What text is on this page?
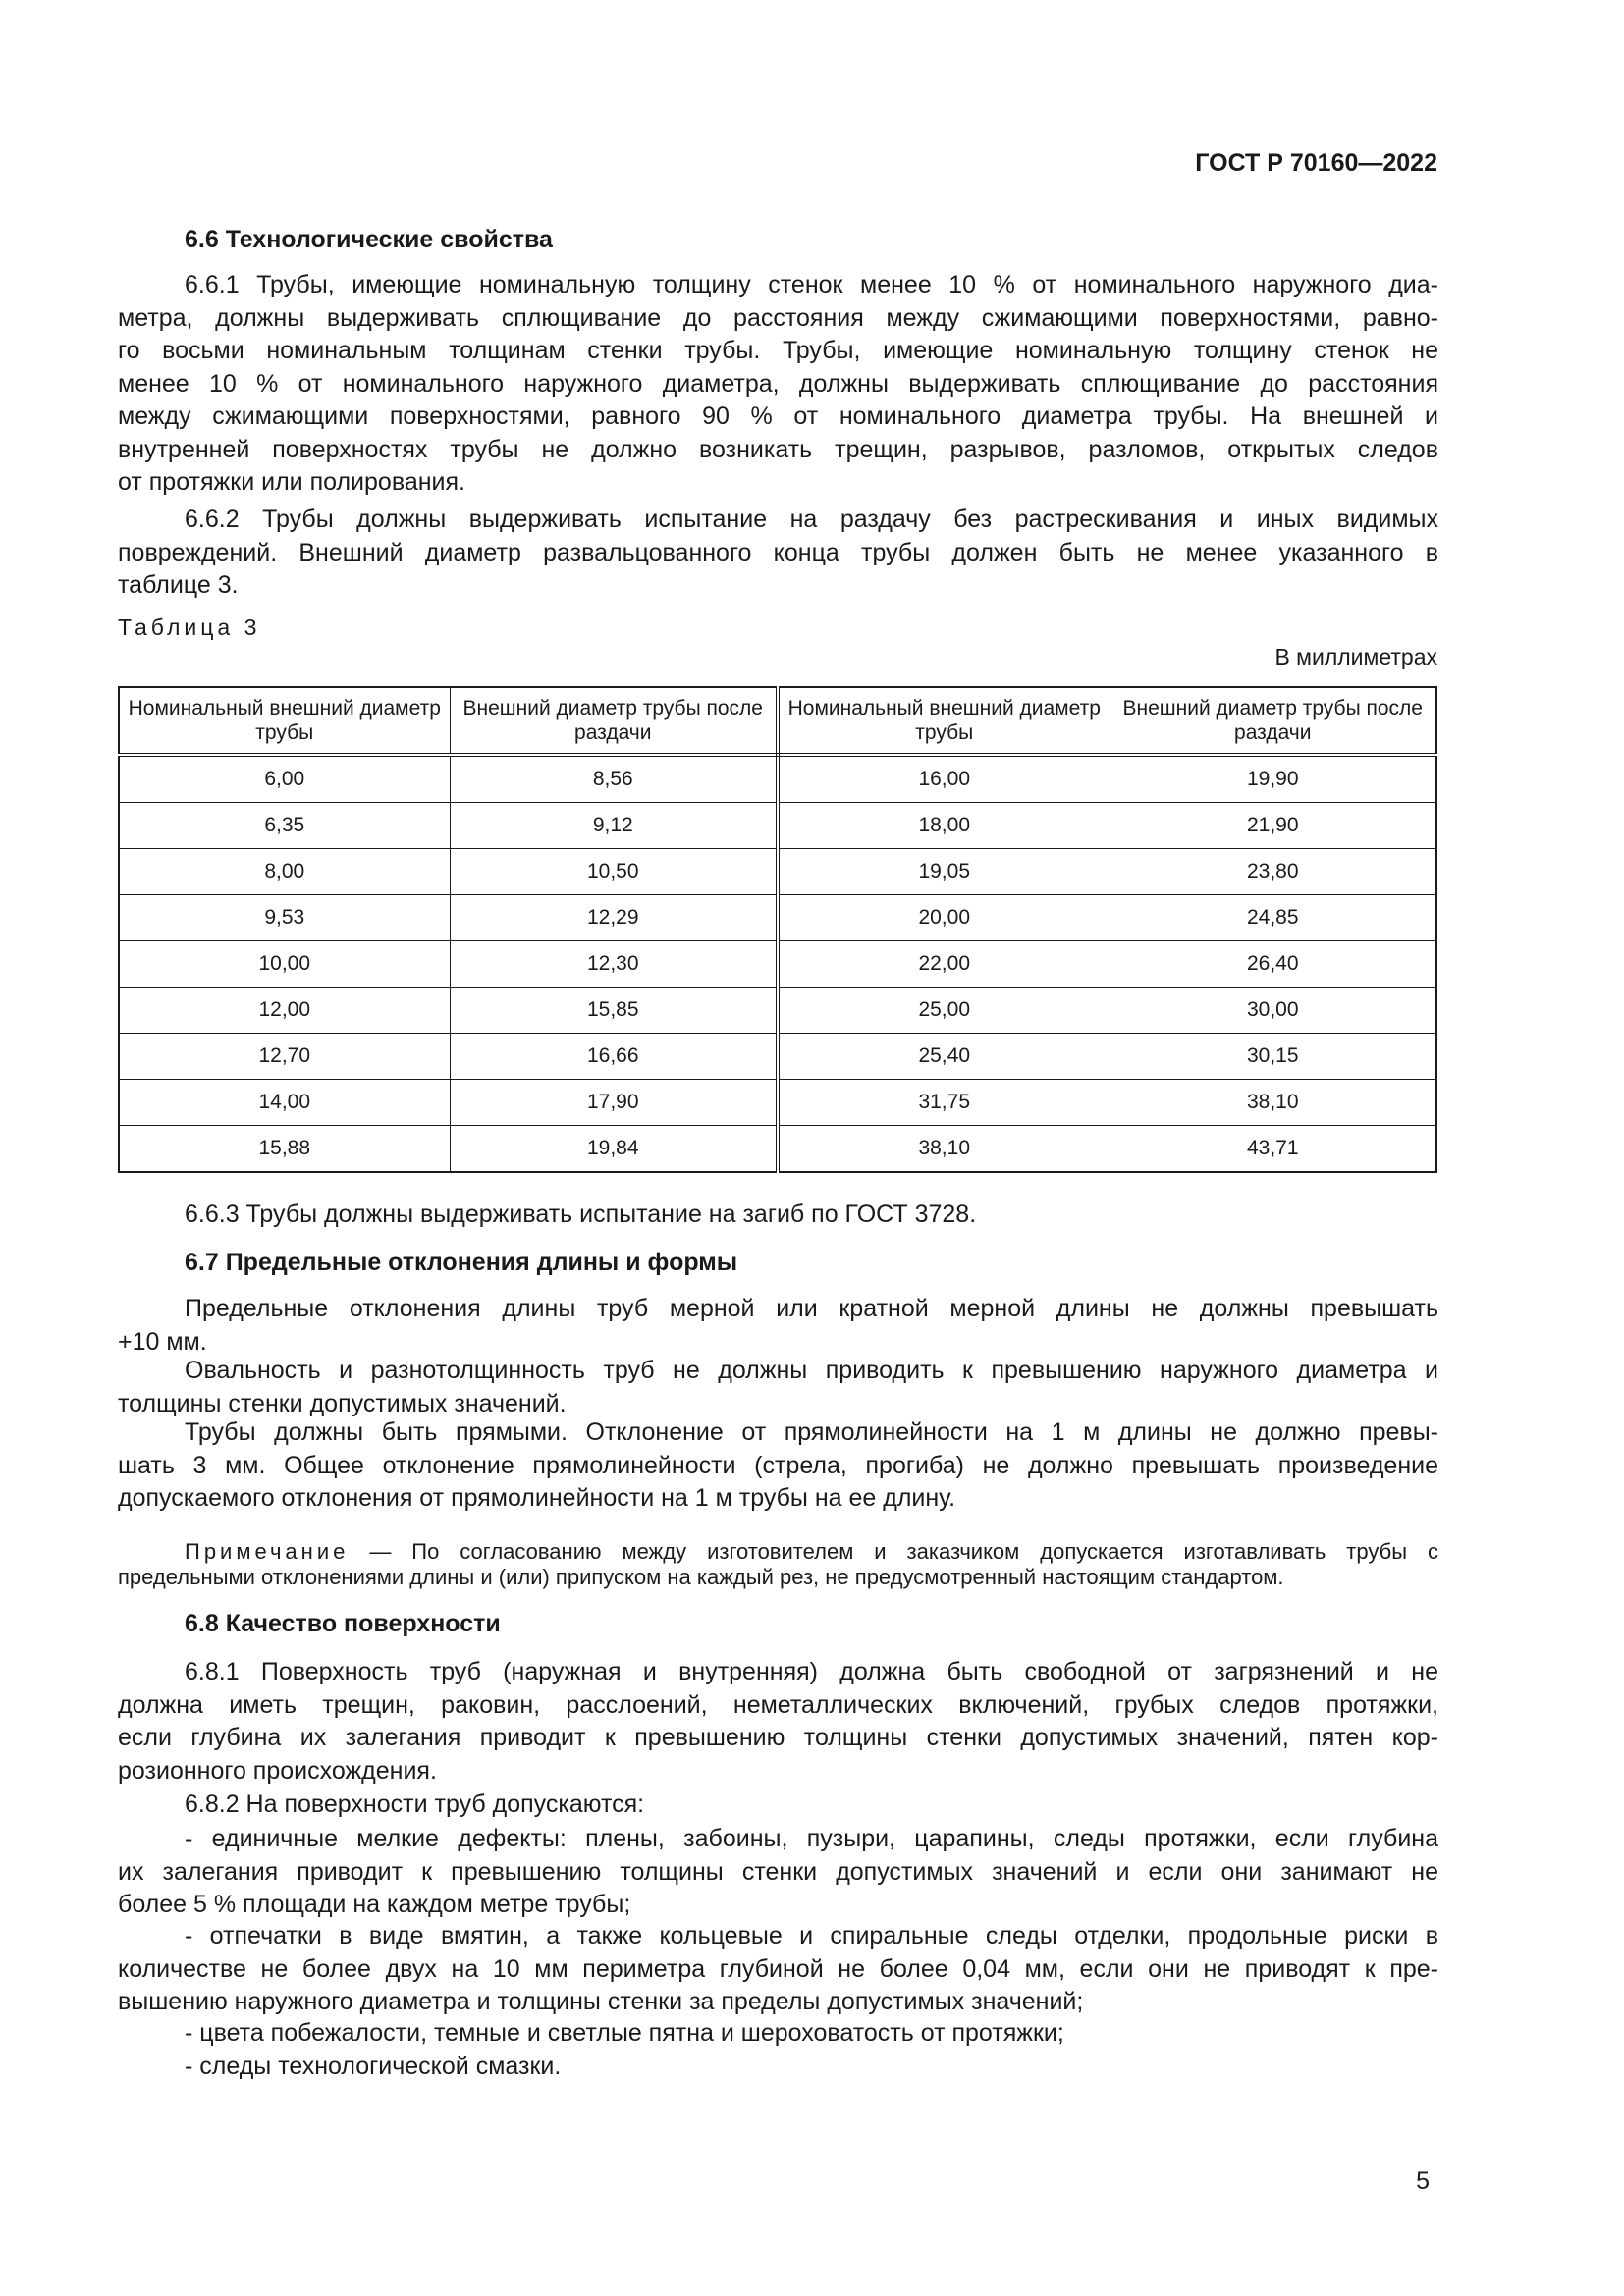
ГОСТ Р 70160—2022
6.6 Технологические свойства
6.6.1 Трубы, имеющие номинальную толщину стенок менее 10 % от номинального наружного диа-
метра, должны выдерживать сплющивание до расстояния между сжимающими поверхностями, равно-
го восьми номинальным толщинам стенки трубы. Трубы, имеющие номинальную толщину стенок не
менее 10 % от номинального наружного диаметра, должны выдерживать сплющивание до расстояния
между сжимающими поверхностями, равного 90 % от номинального диаметра трубы. На внешней и
внутренней поверхностях трубы не должно возникать трещин, разрывов, разломов, открытых следов
от протяжки или полирования.
6.6.2 Трубы должны выдерживать испытание на раздачу без растрескивания и иных видимых
повреждений. Внешний диаметр развальцованного конца трубы должен быть не менее указанного в
таблице 3.
Таблица 3
В миллиметрах
Номинальный внешний диаметр трубы	Внешний диаметр трубы после раздачи	Номинальный внешний диаметр трубы	Внешний диаметр трубы после раздачи
6,00	8,56	16,00	19,90
6,35	9,12	18,00	21,90
8,00	10,50	19,05	23,80
9,53	12,29	20,00	24,85
10,00	12,30	22,00	26,40
12,00	15,85	25,00	30,00
12,70	16,66	25,40	30,15
14,00	17,90	31,75	38,10
15,88	19,84	38,10	43,71
6.6.3 Трубы должны выдерживать испытание на загиб по ГОСТ 3728.
6.7 Предельные отклонения длины и формы
Предельные отклонения длины труб мерной или кратной мерной длины не должны превышать
+10 мм.
Овальность и разнотолщинность труб не должны приводить к превышению наружного диаметра и
толщины стенки допустимых значений.
Трубы должны быть прямыми. Отклонение от прямолинейности на 1 м длины не должно превы-
шать 3 мм. Общее отклонение прямолинейности (стрела, прогиба) не должно превышать произведение
допускаемого отклонения от прямолинейности на 1 м трубы на ее длину.
Примечание — По согласованию между изготовителем и заказчиком допускается изготавливать трубы с
предельными отклонениями длины и (или) припуском на каждый рез, не предусмотренный настоящим стандартом.
6.8 Качество поверхности
6.8.1 Поверхность труб (наружная и внутренняя) должна быть свободной от загрязнений и не
должна иметь трещин, раковин, расслоений, неметаллических включений, грубых следов протяжки,
если глубина их залегания приводит к превышению толщины стенки допустимых значений, пятен кор-
розионного происхождения.
6.8.2 На поверхности труб допускаются:
- единичные мелкие дефекты: плены, забоины, пузыри, царапины, следы протяжки, если глубина
их залегания приводит к превышению толщины стенки допустимых значений и если они занимают не
более 5 % площади на каждом метре трубы;
- отпечатки в виде вмятин, а также кольцевые и спиральные следы отделки, продольные риски в
количестве не более двух на 10 мм периметра глубиной не более 0,04 мм, если они не приводят к пре-
вышению наружного диаметра и толщины стенки за пределы допустимых значений;
- цвета побежалости, темные и светлые пятна и шероховатость от протяжки;
- следы технологической смазки.
5
